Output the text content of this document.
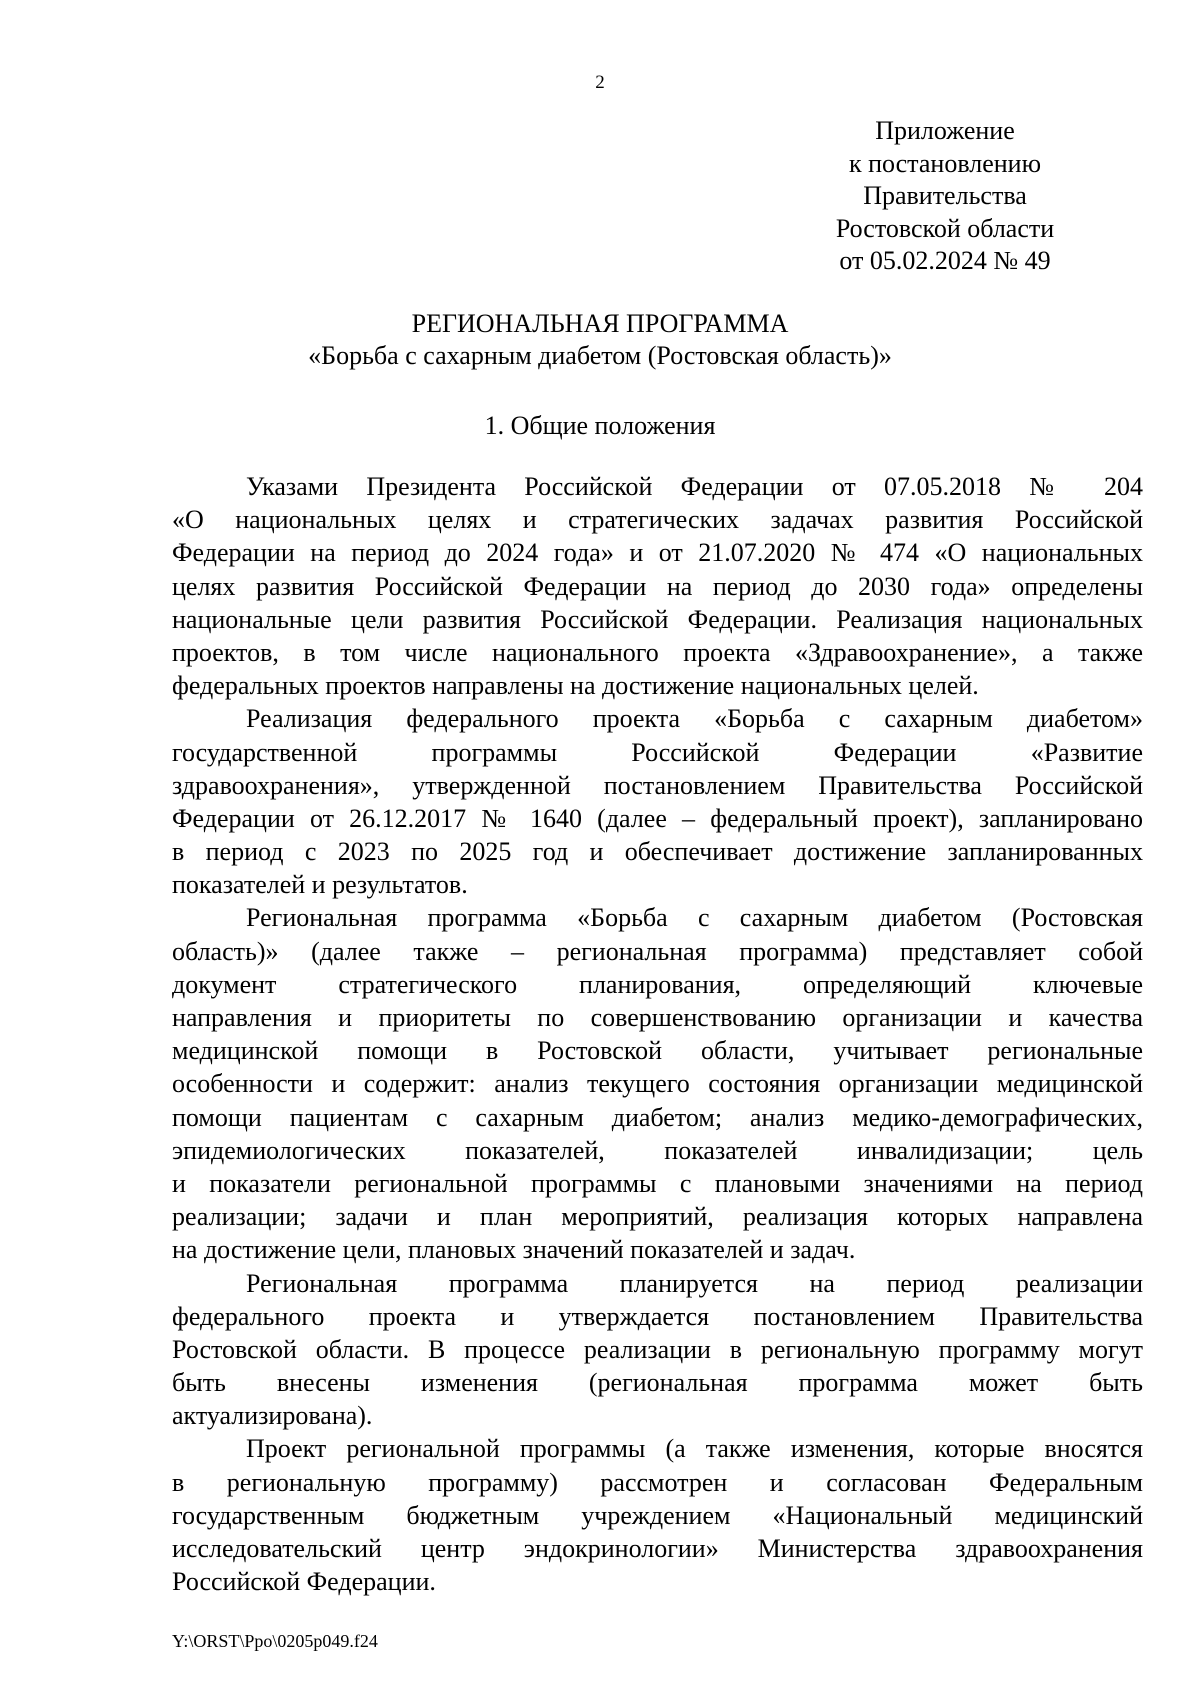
2
Приложение
к постановлению
Правительства
Ростовской области
от 05.02.2024 № 49
РЕГИОНАЛЬНАЯ ПРОГРАММА
«Борьба с сахарным диабетом (Ростовская область)»
1. Общие положения
Указами Президента Российской Федерации от 07.05.2018 № 204
«О национальных целях и стратегических задачах развития Российской
Федерации на период до 2024 года» и от 21.07.2020 № 474 «О национальных
целях развития Российской Федерации на период до 2030 года» определены
национальные цели развития Российской Федерации. Реализация национальных
проектов, в том числе национального проекта «Здравоохранение», а также
федеральных проектов направлены на достижение национальных целей.
Реализация федерального проекта «Борьба с сахарным диабетом»
государственной программы Российской Федерации «Развитие
здравоохранения», утвержденной постановлением Правительства Российской
Федерации от 26.12.2017 № 1640 (далее – федеральный проект), запланировано
в период с 2023 по 2025 год и обеспечивает достижение запланированных
показателей и результатов.
Региональная программа «Борьба с сахарным диабетом (Ростовская
область)» (далее также – региональная программа) представляет собой
документ стратегического планирования, определяющий ключевые
направления и приоритеты по совершенствованию организации и качества
медицинской помощи в Ростовской области, учитывает региональные
особенности и содержит: анализ текущего состояния организации медицинской
помощи пациентам с сахарным диабетом; анализ медико-демографических,
эпидемиологических показателей, показателей инвалидизации; цель
и показатели региональной программы с плановыми значениями на период
реализации; задачи и план мероприятий, реализация которых направлена
на достижение цели, плановых значений показателей и задач.
Региональная программа планируется на период реализации
федерального проекта и утверждается постановлением Правительства
Ростовской области. В процессе реализации в региональную программу могут
быть внесены изменения (региональная программа может быть
актуализирована).
Проект региональной программы (а также изменения, которые вносятся
в региональную программу) рассмотрен и согласован Федеральным
государственным бюджетным учреждением «Национальный медицинский
исследовательский центр эндокринологии» Министерства здравоохранения
Российской Федерации.
Y:\ORST\Ppo\0205p049.f24
